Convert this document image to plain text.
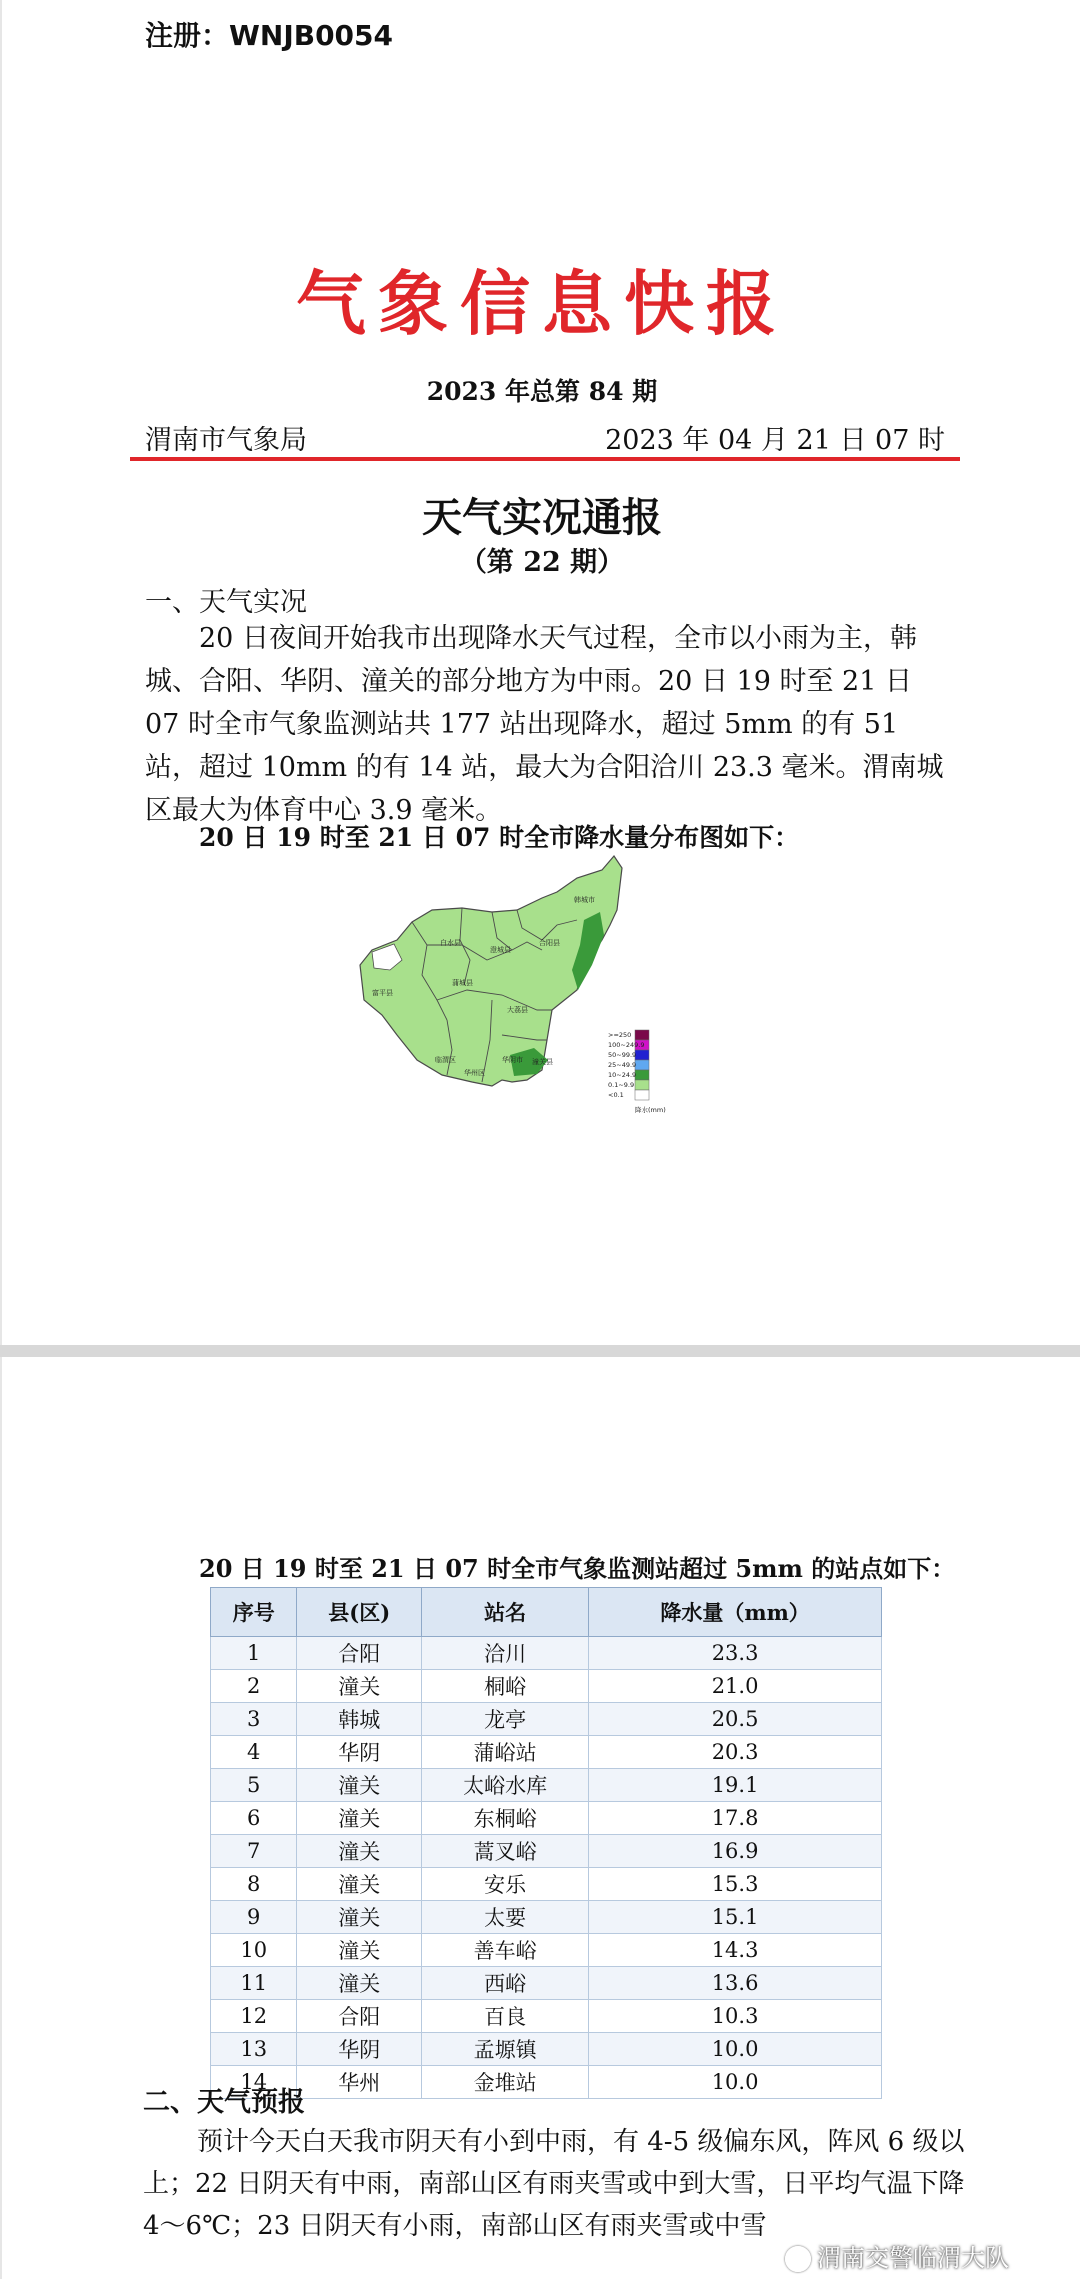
注册：WNJB0054
气象信息快报
2023 年总第 84 期
渭南市气象局	2023 年 04 月 21 日 07 时
天气实况通报
（第 22 期）
一、天气实况
20 日夜间开始我市出现降水天气过程，全市以小雨为主，韩城、合阳、华阴、潼关的部分地方为中雨。20 日 19 时至 21 日 07 时全市气象监测站共 177 站出现降水，超过 5mm 的有 51 站，超过 10mm 的有 14 站，最大为合阳洽川 23.3 毫米。渭南城区最大为体育中心 3.9 毫米。
20 日 19 时至 21 日 07 时全市降水量分布图如下：
韩城市
白水县
澄城县
合阳县
蒲城县
富平县
大荔县
临渭区
华州区
华阴市 潼关县
>=250
100~249.9
50~99.9
25~49.9
10~24.9
0.1~9.9
<0.1
降水(mm)
20 日 19 时至 21 日 07 时全市气象监测站超过 5mm 的站点如下：
序号	县(区)	站名	降水量（mm）
1	合阳	洽川	23.3
2	潼关	桐峪	21.0
3	韩城	龙亭	20.5
4	华阴	蒲峪站	20.3
5	潼关	太峪水库	19.1
6	潼关	东桐峪	17.8
7	潼关	蒿叉峪	16.9
8	潼关	安乐	15.3
9	潼关	太要	15.1
10	潼关	善车峪	14.3
11	潼关	西峪	13.6
12	合阳	百良	10.3
13	华阴	孟塬镇	10.0
14	华州	金堆站	10.0
二、天气预报
预计今天白天我市阴天有小到中雨，有 4-5 级偏东风，阵风 6 级以上；22 日阴天有中雨，南部山区有雨夹雪或中到大雪，日平均气温下降 4～6℃；23 日阴天有小雨，南部山区有雨夹雪或中雪
渭南交警临渭大队
